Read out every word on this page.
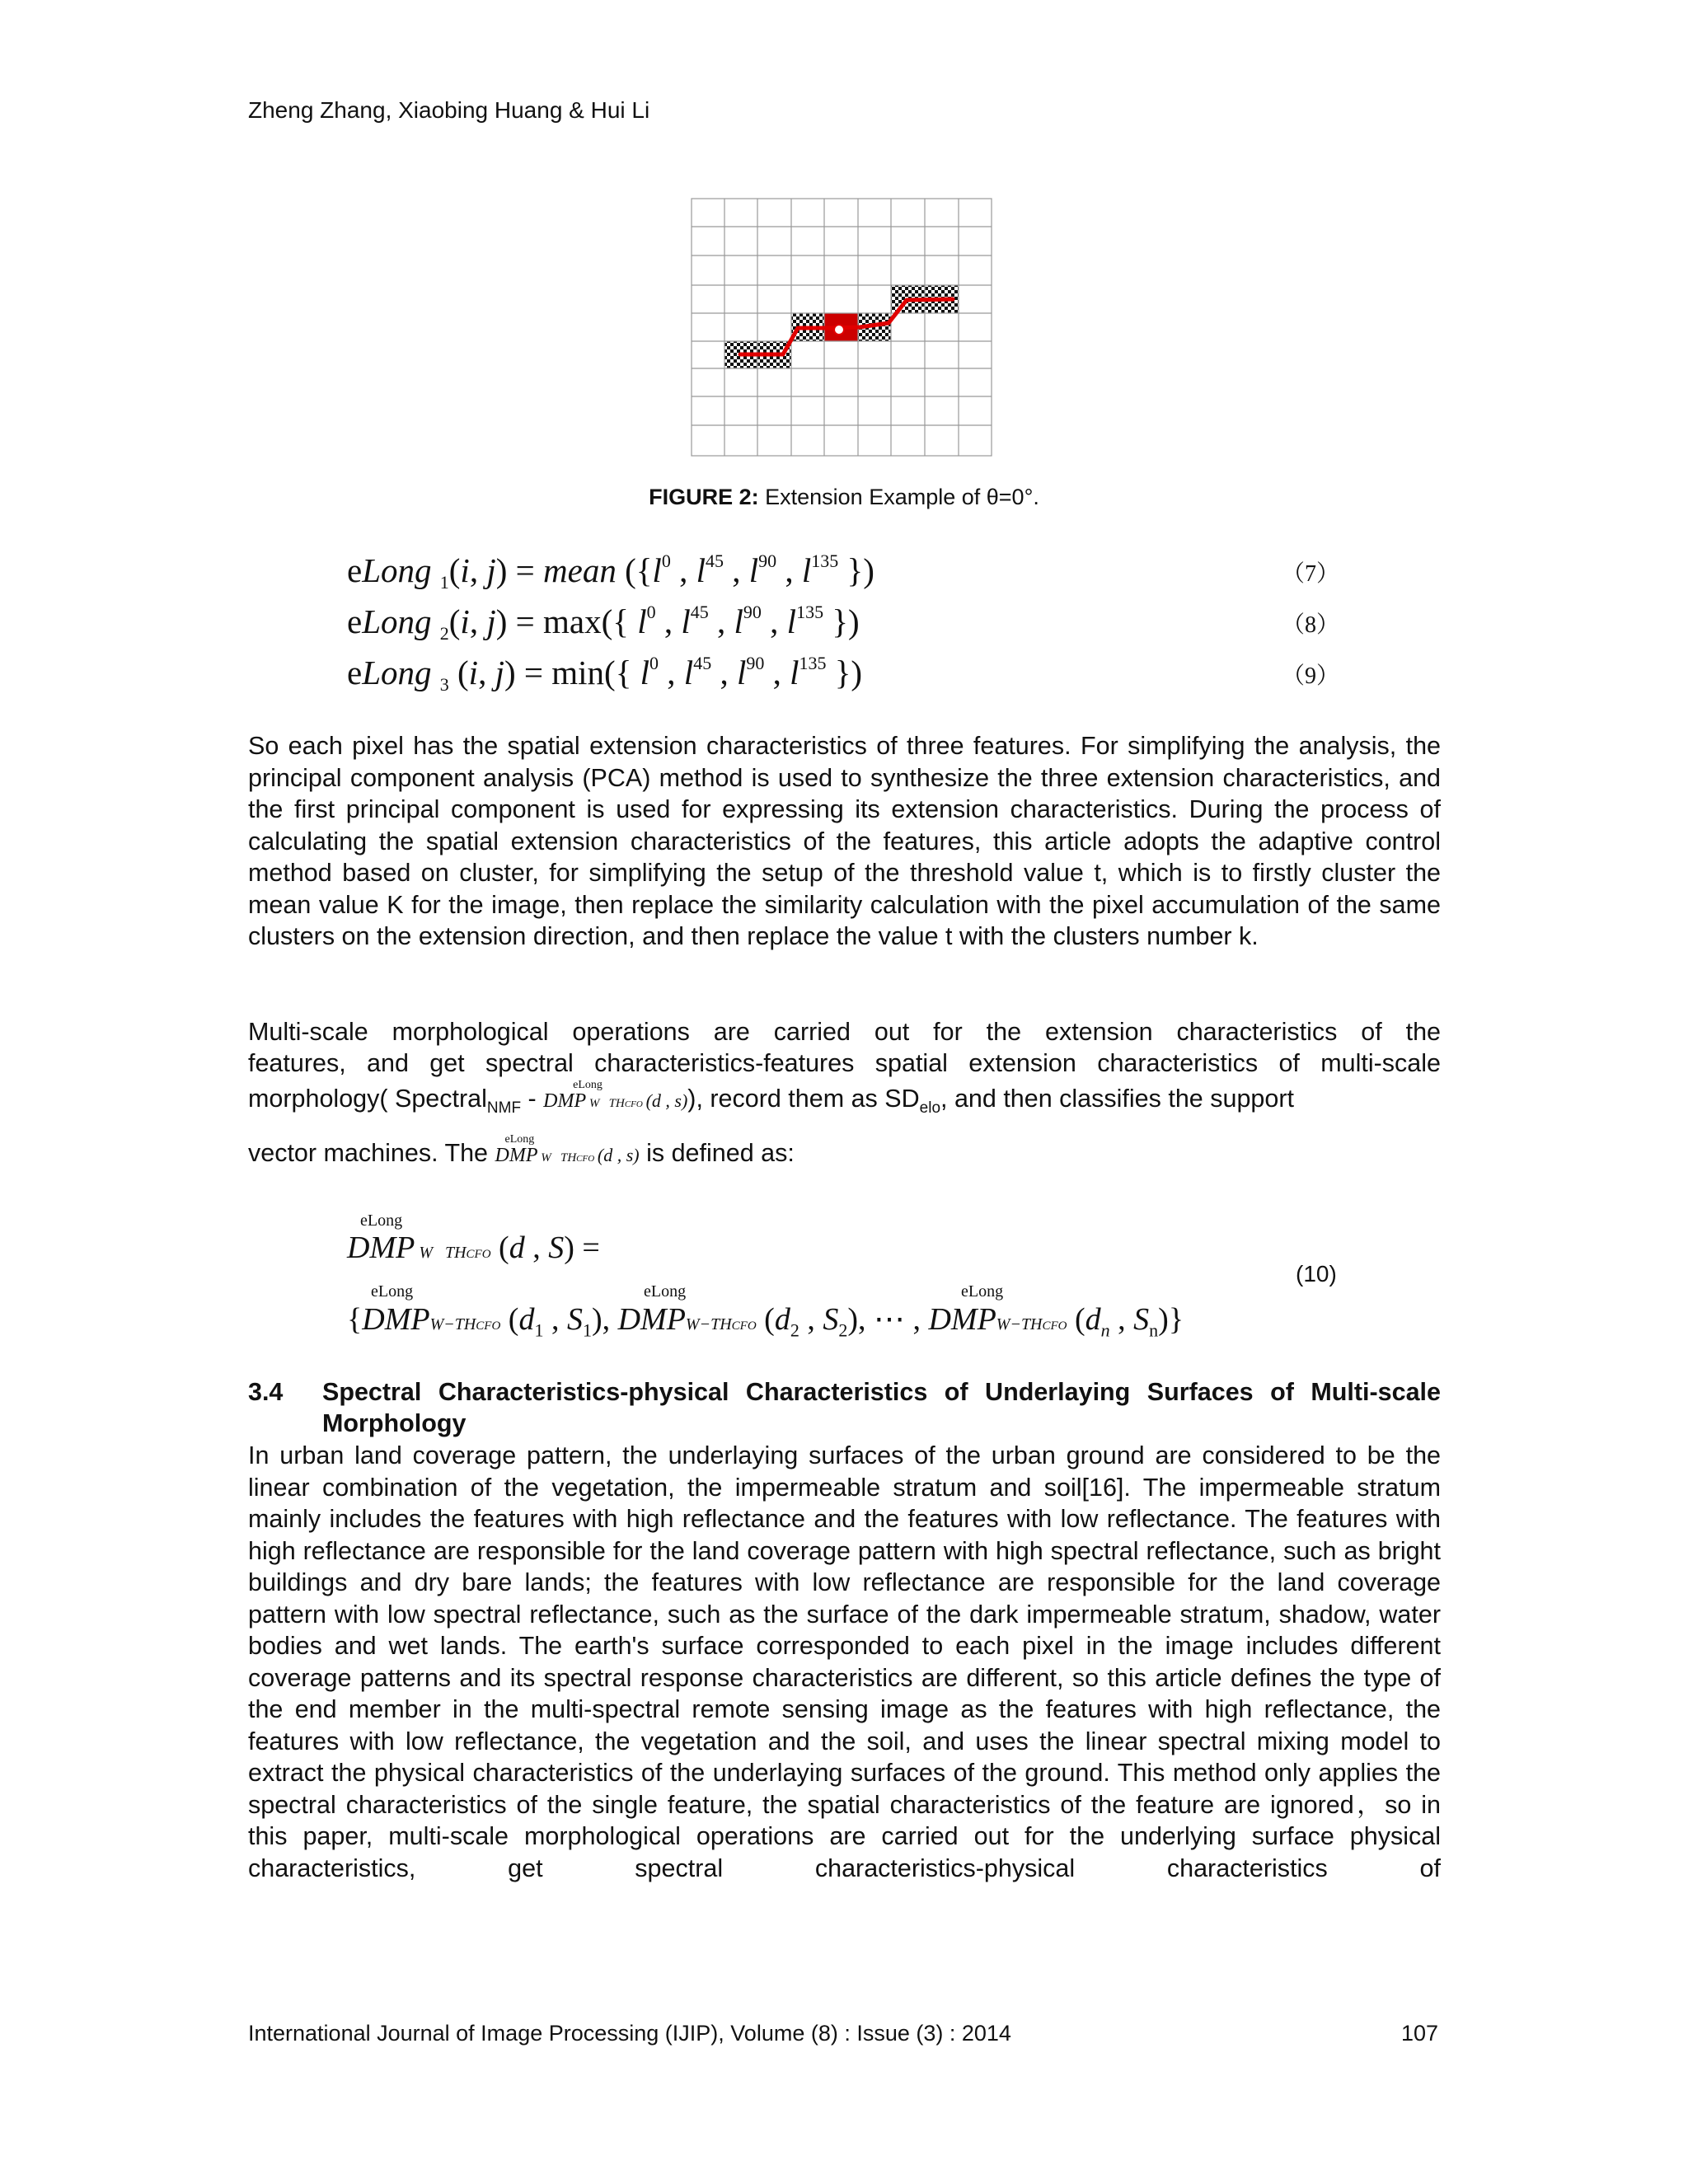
Zheng Zhang, Xiaobing Huang & Hui Li
FIGURE 2: Extension Example of θ=0°.
eLong $_1$(i, j) = mean ({$l^0$ , $l^{45}$ , $l^{90}$ , $l^{135}$ })	（7）
eLong $_2$(i, j) = max({ $l^0$ , $l^{45}$ , $l^{90}$ , $l^{135}$ })	（8）
eLong $_3$ (i, j) = min({ $l^0$ , $l^{45}$ , $l^{90}$ , $l^{135}$ })	（9）
So each pixel has the spatial extension characteristics of three features. For simplifying the analysis, the principal component analysis (PCA) method is used to synthesize the three extension characteristics, and the first principal component is used for expressing its extension characteristics. During the process of calculating the spatial extension characteristics of the features, this article adopts the adaptive control method based on cluster, for simplifying the setup of the threshold value t, which is to firstly cluster the mean value K for the image, then replace the similarity calculation with the pixel accumulation of the same clusters on the extension direction, and then replace the value t with the clusters number k.
Multi-scale morphological operations are carried out for the extension characteristics of the
features, and get spectral characteristics-features spatial extension characteristics of multi-scale
morphology( Spectral$_{NMF}$ -	eLong
DMP W   THCFO (d , s)), record them as $SD_{elo}$, and then classifies the support
vector machines. The eLong
DMP W   THCFO (d , s) is defined as:
eLong
DMP W   THCFO (d , S) =
eLong	eLong	eLong
{DMPW−THCFO ($d_1$ , $S_1$), DMPW−THCFO ($d_2$ , $S_2$), ⋯ , DMPW−THCFO ($d_n$ , $S_n$)}
(10)
3.4 Spectral Characteristics-physical Characteristics of Underlaying Surfaces of Multi-scale Morphology
In urban land coverage pattern, the underlaying surfaces of the urban ground are considered to be the linear combination of the vegetation, the impermeable stratum and soil[16]. The impermeable stratum mainly includes the features with high reflectance and the features with low reflectance. The features with high reflectance are responsible for the land coverage pattern with high spectral reflectance, such as bright buildings and dry bare lands; the features with low reflectance are responsible for the land coverage pattern with low spectral reflectance, such as the surface of the dark impermeable stratum, shadow, water bodies and wet lands. The earth's surface corresponded to each pixel in the image includes different coverage patterns and its spectral response characteristics are different, so this article defines the type of the end member in the multi-spectral remote sensing image as the features with high reflectance, the features with low reflectance, the vegetation and the soil, and uses the linear spectral mixing model to extract the physical characteristics of the underlaying surfaces of the ground. This method only applies the spectral characteristics of the single feature, the spatial characteristics of the feature are ignored，so in this paper, multi-scale morphological operations are carried out for the underlying surface physical characteristics, get spectral characteristics-physical characteristics of
International Journal of Image Processing (IJIP), Volume (8) : Issue (3) : 2014	107
